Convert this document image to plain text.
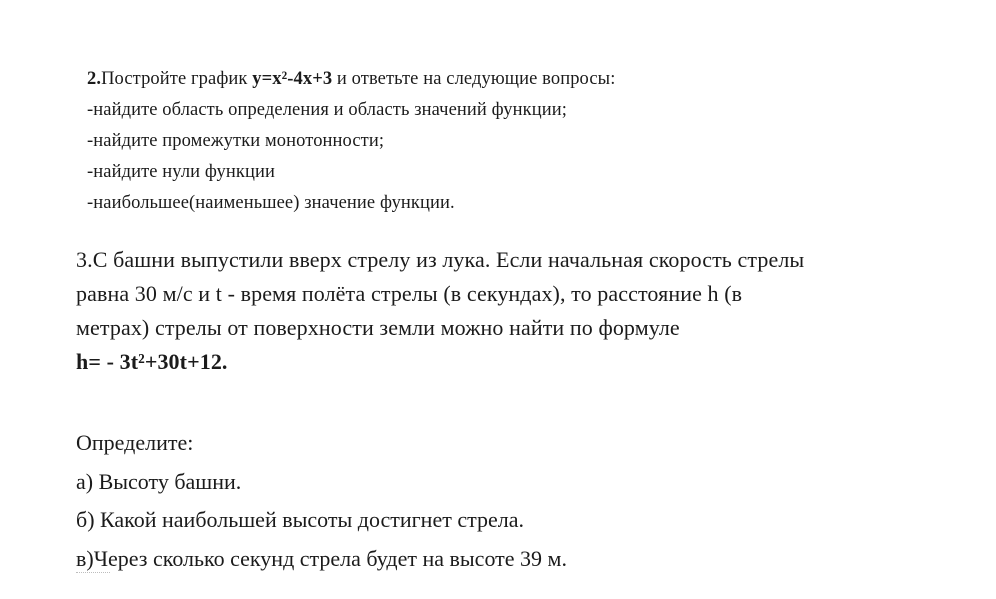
2.Постройте график y=x²-4x+3 и ответьте на следующие вопросы:
-найдите область определения и область значений функции;
-найдите промежутки монотонности;
-найдите нули функции
-наибольшее(наименьшее) значение функции.
3.С башни выпустили вверх стрелу из лука. Если начальная скорость стрелы
равна 30 м/с и t - время полёта стрелы (в секундах), то расстояние h (в
метрах) стрелы от поверхности земли можно найти по формуле
h= - 3t²+30t+12.
Определите:
а) Высоту башни.
б) Какой наибольшей высоты достигнет стрела.
в)Через сколько секунд стрела будет на высоте 39 м.
